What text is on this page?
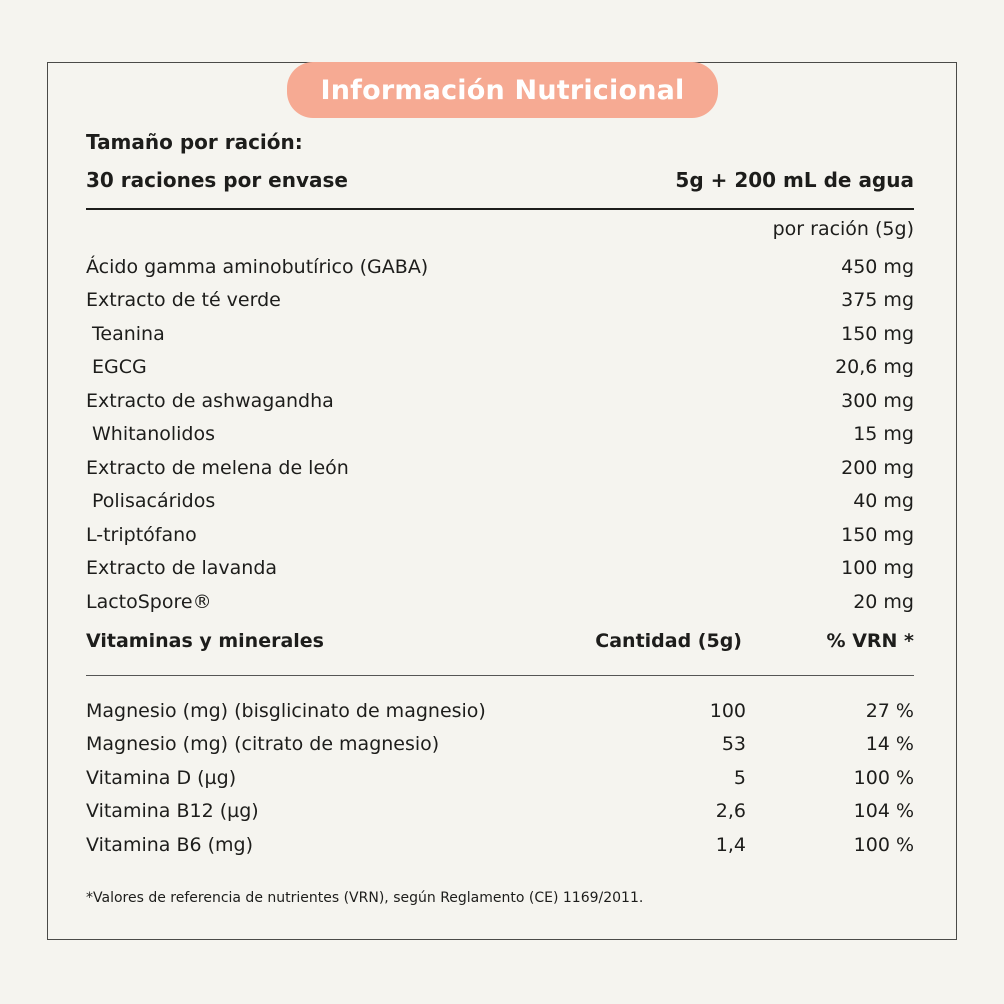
Información Nutricional
Tamaño por ración:
30 raciones por envase	5g + 200 mL de agua
por ración (5g)
Ácido gamma aminobutírico (GABA)	450 mg
Extracto de té verde	375 mg
Teanina	150 mg
EGCG	20,6 mg
Extracto de ashwagandha	300 mg
Whitanolidos	15 mg
Extracto de melena de león	200 mg
Polisacáridos	40 mg
L-triptófano	150 mg
Extracto de lavanda	100 mg
LactoSpore®	20 mg
Vitaminas y minerales	Cantidad (5g)	% VRN *
Magnesio (mg) (bisglicinato de magnesio)	100	27 %
Magnesio (mg) (citrato de magnesio)	53	14 %
Vitamina D (µg)	5	100 %
Vitamina B12 (µg)	2,6	104 %
Vitamina B6 (mg)	1,4	100 %
*Valores de referencia de nutrientes (VRN), según Reglamento (CE) 1169/2011.
